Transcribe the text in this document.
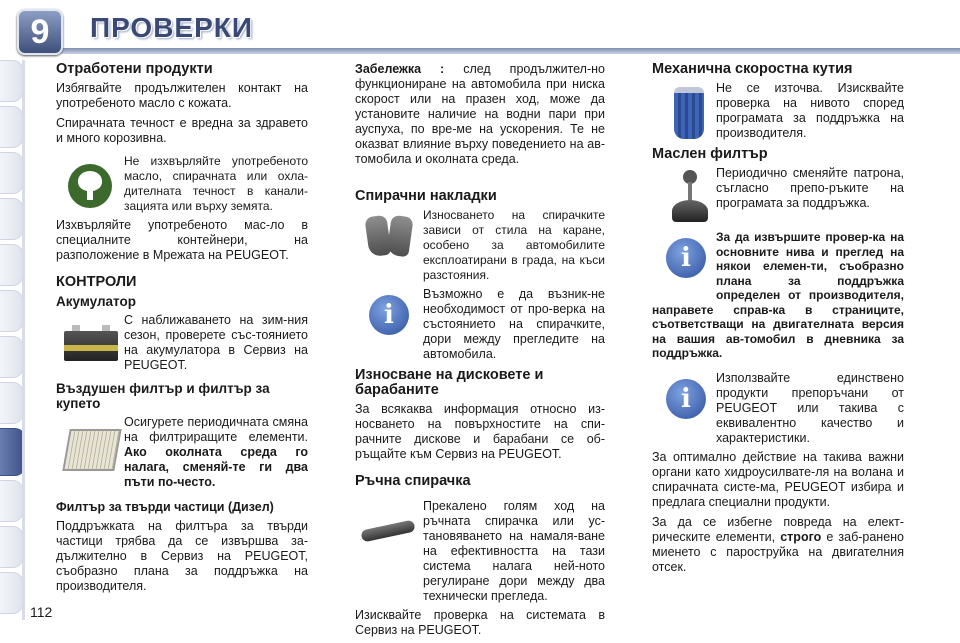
9	ПРОВЕРКИ
Отработени продукти

Избягвайте продължителен контакт на употребеното масло с кожата.

Спирачната течност е вредна за здравето и много корозивна.

Не изхвърляйте употребеното масло, спирачната или охла-дителната течност в канали-зацията или върху земята.

Изхвърляйте употребеното мас-ло в специалните контейнери, на разположение в Мрежата на PEUGEOT.

КОНТРОЛИ
Акумулатор
С наближаването на зим-ния сезон, проверете със-тоянието на акумулатора в Сервиз на PEUGEOT.
Въздушен филтър и филтър за купето
Осигурете периодичната смяна на филтриращите елементи. Ако околната среда го налага, сменяй-те ги два пъти по-често.
Филтър за твърди частици (Дизел)

Поддръжката на филтъра за твърди частици трябва да се извършва за-дължително в Сервиз на PEUGEOT, съобразно плана за поддръжка на производителя.

Забележка : след продължител-но функциониране на автомобила при ниска скорост или на празен ход, може да установите наличие на водни пари при ауспуха, по вре-ме на ускорения. Те не оказват влияние върху поведението на ав-томобила и околната среда.

Спирачни накладки
Износването на спирачките зависи от стила на каране, особено за автомобилите експлоатирани в града, на къси разстояния.
i
Възможно е да възник-не необходимост от про-верка на състоянието на спирачките, дори между прегледите на автомобила.
Износване на дисковете и барабаните

За всякаква информация относно из-носването на повърхностите на спи-рачните дискове и барабани се об-ръщайте към Сервиз на PEUGEOT.

Ръчна спирачка
Прекалено голям ход на ръчната спирачка или ус-тановяването на намаля-ване на ефективността на тази система налага ней-ното регулиране дори между два технически прегледа.

Изисквайте проверка на системата в Сервиз на PEUGEOT.

Механична скоростна кутия
Не се източва. Изисквайте проверка на нивото според програмата за поддръжка на производителя.
Маслен филтър
Периодично сменяйте патрона, съгласно препо-ръките на програмата за поддръжка.
i
За да извършите провер-ка на основните нива и преглед на някои елемен-ти, съобразно плана за поддръжка определен от производителя, направете справ-ка в страниците, съответстващи на двигателната версия на вашия ав-томобил в дневника за поддръжка.
i
Използвайте единствено продукти препоръчани от PEUGEOT или такива с еквивалентно качество и характеристики.

За оптимално действие на такива важни органи като хидроусилвате-ля на волана и спирачната систе-ма, PEUGEOT избира и предлага специални продукти.

За да се избегне повреда на елект-рическите елементи, строго е заб-ранено миенето с пароструйка на двигателния отсек.

112
